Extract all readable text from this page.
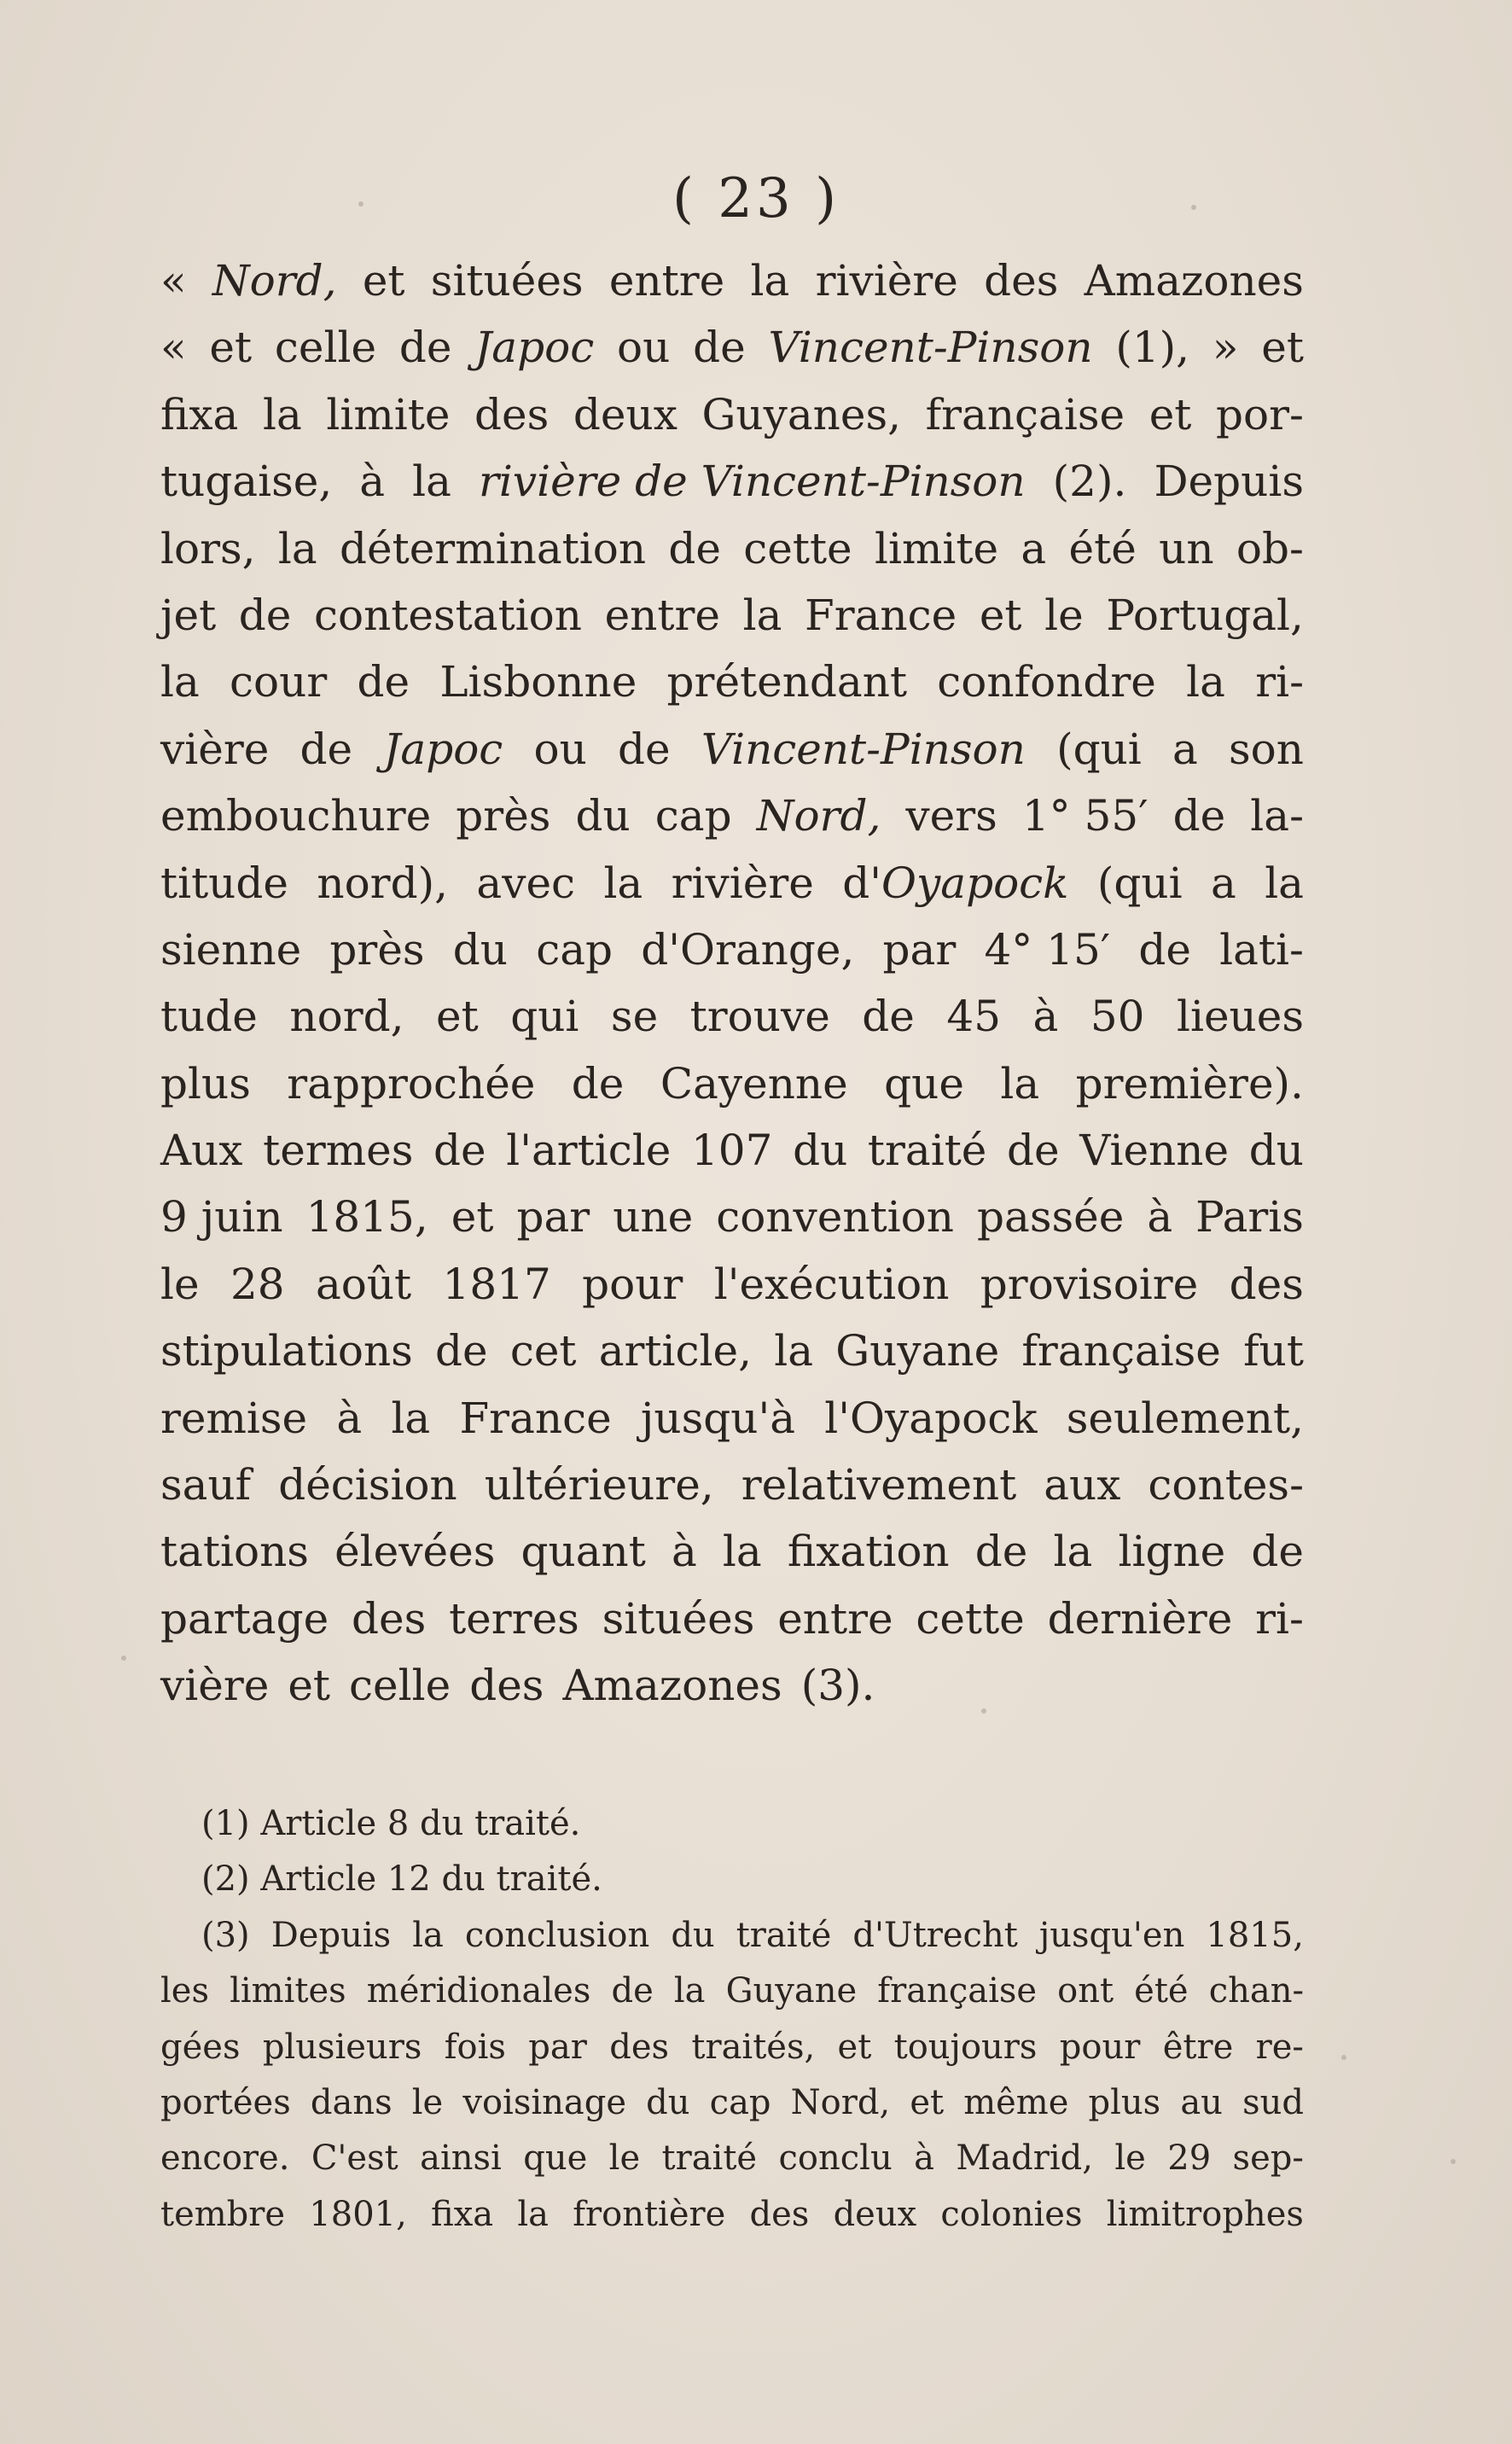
( 23 )
« Nord, et situées entre la rivière des Amazones
« et celle de Japoc ou de Vincent-Pinson (1), » et
fixa la limite des deux Guyanes, française et por-
tugaise, à la rivière de Vincent-Pinson (2). Depuis
lors, la détermination de cette limite a été un ob-
jet de contestation entre la France et le Portugal,
la cour de Lisbonne prétendant confondre la ri-
vière de Japoc ou de Vincent-Pinson (qui a son
embouchure près du cap Nord, vers 1° 55′ de la-
titude nord), avec la rivière d'Oyapock (qui a la
sienne près du cap d'Orange, par 4° 15′ de lati-
tude nord, et qui se trouve de 45 à 50 lieues
plus rapprochée de Cayenne que la première).
Aux termes de l'article 107 du traité de Vienne du
9 juin 1815, et par une convention passée à Paris
le 28 août 1817 pour l'exécution provisoire des
stipulations de cet article, la Guyane française fut
remise à la France jusqu'à l'Oyapock seulement,
sauf décision ultérieure, relativement aux contes-
tations élevées quant à la fixation de la ligne de
partage des terres situées entre cette dernière ri-
vière et celle des Amazones (3).
(1) Article 8 du traité.
(2) Article 12 du traité.
(3) Depuis la conclusion du traité d'Utrecht jusqu'en 1815,
les limites méridionales de la Guyane française ont été chan-
gées plusieurs fois par des traités, et toujours pour être re-
portées dans le voisinage du cap Nord, et même plus au sud
encore. C'est ainsi que le traité conclu à Madrid, le 29 sep-
tembre 1801, fixa la frontière des deux colonies limitrophes
